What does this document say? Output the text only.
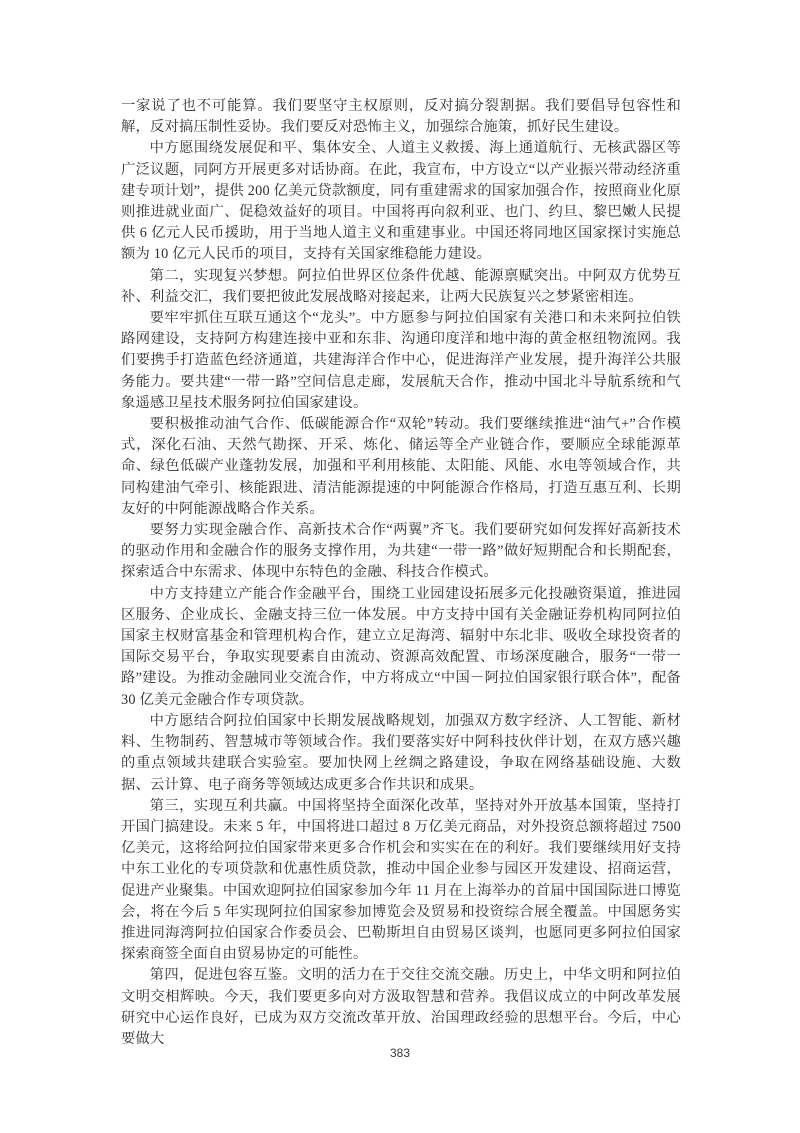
一家说了也不可能算。我们要坚守主权原则，反对搞分裂割据。我们要倡导包容性和解，反对搞压制性妥协。我们要反对恐怖主义，加强综合施策，抓好民生建设。

中方愿围绕发展促和平、集体安全、人道主义救援、海上通道航行、无核武器区等广泛议题，同阿方开展更多对话协商。在此，我宣布，中方设立“以产业振兴带动经济重建专项计划”，提供 200 亿美元贷款额度，同有重建需求的国家加强合作，按照商业化原则推进就业面广、促稳效益好的项目。中国将再向叙利亚、也门、约旦、黎巴嫩人民提供 6 亿元人民币援助，用于当地人道主义和重建事业。中国还将同地区国家探讨实施总额为 10 亿元人民币的项目，支持有关国家维稳能力建设。

第二，实现复兴梦想。阿拉伯世界区位条件优越、能源禀赋突出。中阿双方优势互补、利益交汇，我们要把彼此发展战略对接起来，让两大民族复兴之梦紧密相连。

要牢牢抓住互联互通这个“龙头”。中方愿参与阿拉伯国家有关港口和未来阿拉伯铁路网建设，支持阿方构建连接中亚和东非、沟通印度洋和地中海的黄金枢纽物流网。我们要携手打造蓝色经济通道，共建海洋合作中心，促进海洋产业发展，提升海洋公共服务能力。要共建“一带一路”空间信息走廊，发展航天合作，推动中国北斗导航系统和气象遥感卫星技术服务阿拉伯国家建设。

要积极推动油气合作、低碳能源合作“双轮”转动。我们要继续推进“油气+”合作模式，深化石油、天然气勘探、开采、炼化、储运等全产业链合作，要顺应全球能源革命、绿色低碳产业蓬勃发展，加强和平利用核能、太阳能、风能、水电等领域合作，共同构建油气牵引、核能跟进、清洁能源提速的中阿能源合作格局，打造互惠互利、长期友好的中阿能源战略合作关系。

要努力实现金融合作、高新技术合作“两翼”齐飞。我们要研究如何发挥好高新技术的驱动作用和金融合作的服务支撑作用，为共建“一带一路”做好短期配合和长期配套，探索适合中东需求、体现中东特色的金融、科技合作模式。

中方支持建立产能合作金融平台，围绕工业园建设拓展多元化投融资渠道，推进园区服务、企业成长、金融支持三位一体发展。中方支持中国有关金融证券机构同阿拉伯国家主权财富基金和管理机构合作，建立立足海湾、辐射中东北非、吸收全球投资者的国际交易平台，争取实现要素自由流动、资源高效配置、市场深度融合，服务“一带一路”建设。为推动金融同业交流合作，中方将成立“中国－阿拉伯国家银行联合体”，配备 30 亿美元金融合作专项贷款。

中方愿结合阿拉伯国家中长期发展战略规划，加强双方数字经济、人工智能、新材料、生物制药、智慧城市等领域合作。我们要落实好中阿科技伙伴计划，在双方感兴趣的重点领域共建联合实验室。要加快网上丝绸之路建设，争取在网络基础设施、大数据、云计算、电子商务等领域达成更多合作共识和成果。

第三，实现互利共赢。中国将坚持全面深化改革，坚持对外开放基本国策，坚持打开国门搞建设。未来 5 年，中国将进口超过 8 万亿美元商品，对外投资总额将超过 7500 亿美元，这将给阿拉伯国家带来更多合作机会和实实在在的利好。我们要继续用好支持中东工业化的专项贷款和优惠性质贷款，推动中国企业参与园区开发建设、招商运营，促进产业聚集。中国欢迎阿拉伯国家参加今年 11 月在上海举办的首届中国国际进口博览会，将在今后 5 年实现阿拉伯国家参加博览会及贸易和投资综合展全覆盖。中国愿务实推进同海湾阿拉伯国家合作委员会、巴勒斯坦自由贸易区谈判，也愿同更多阿拉伯国家探索商签全面自由贸易协定的可能性。

第四，促进包容互鉴。文明的活力在于交往交流交融。历史上，中华文明和阿拉伯文明交相辉映。今天，我们要更多向对方汲取智慧和营养。我倡议成立的中阿改革发展研究中心运作良好，已成为双方交流改革开放、治国理政经验的思想平台。今后，中心要做大

383
